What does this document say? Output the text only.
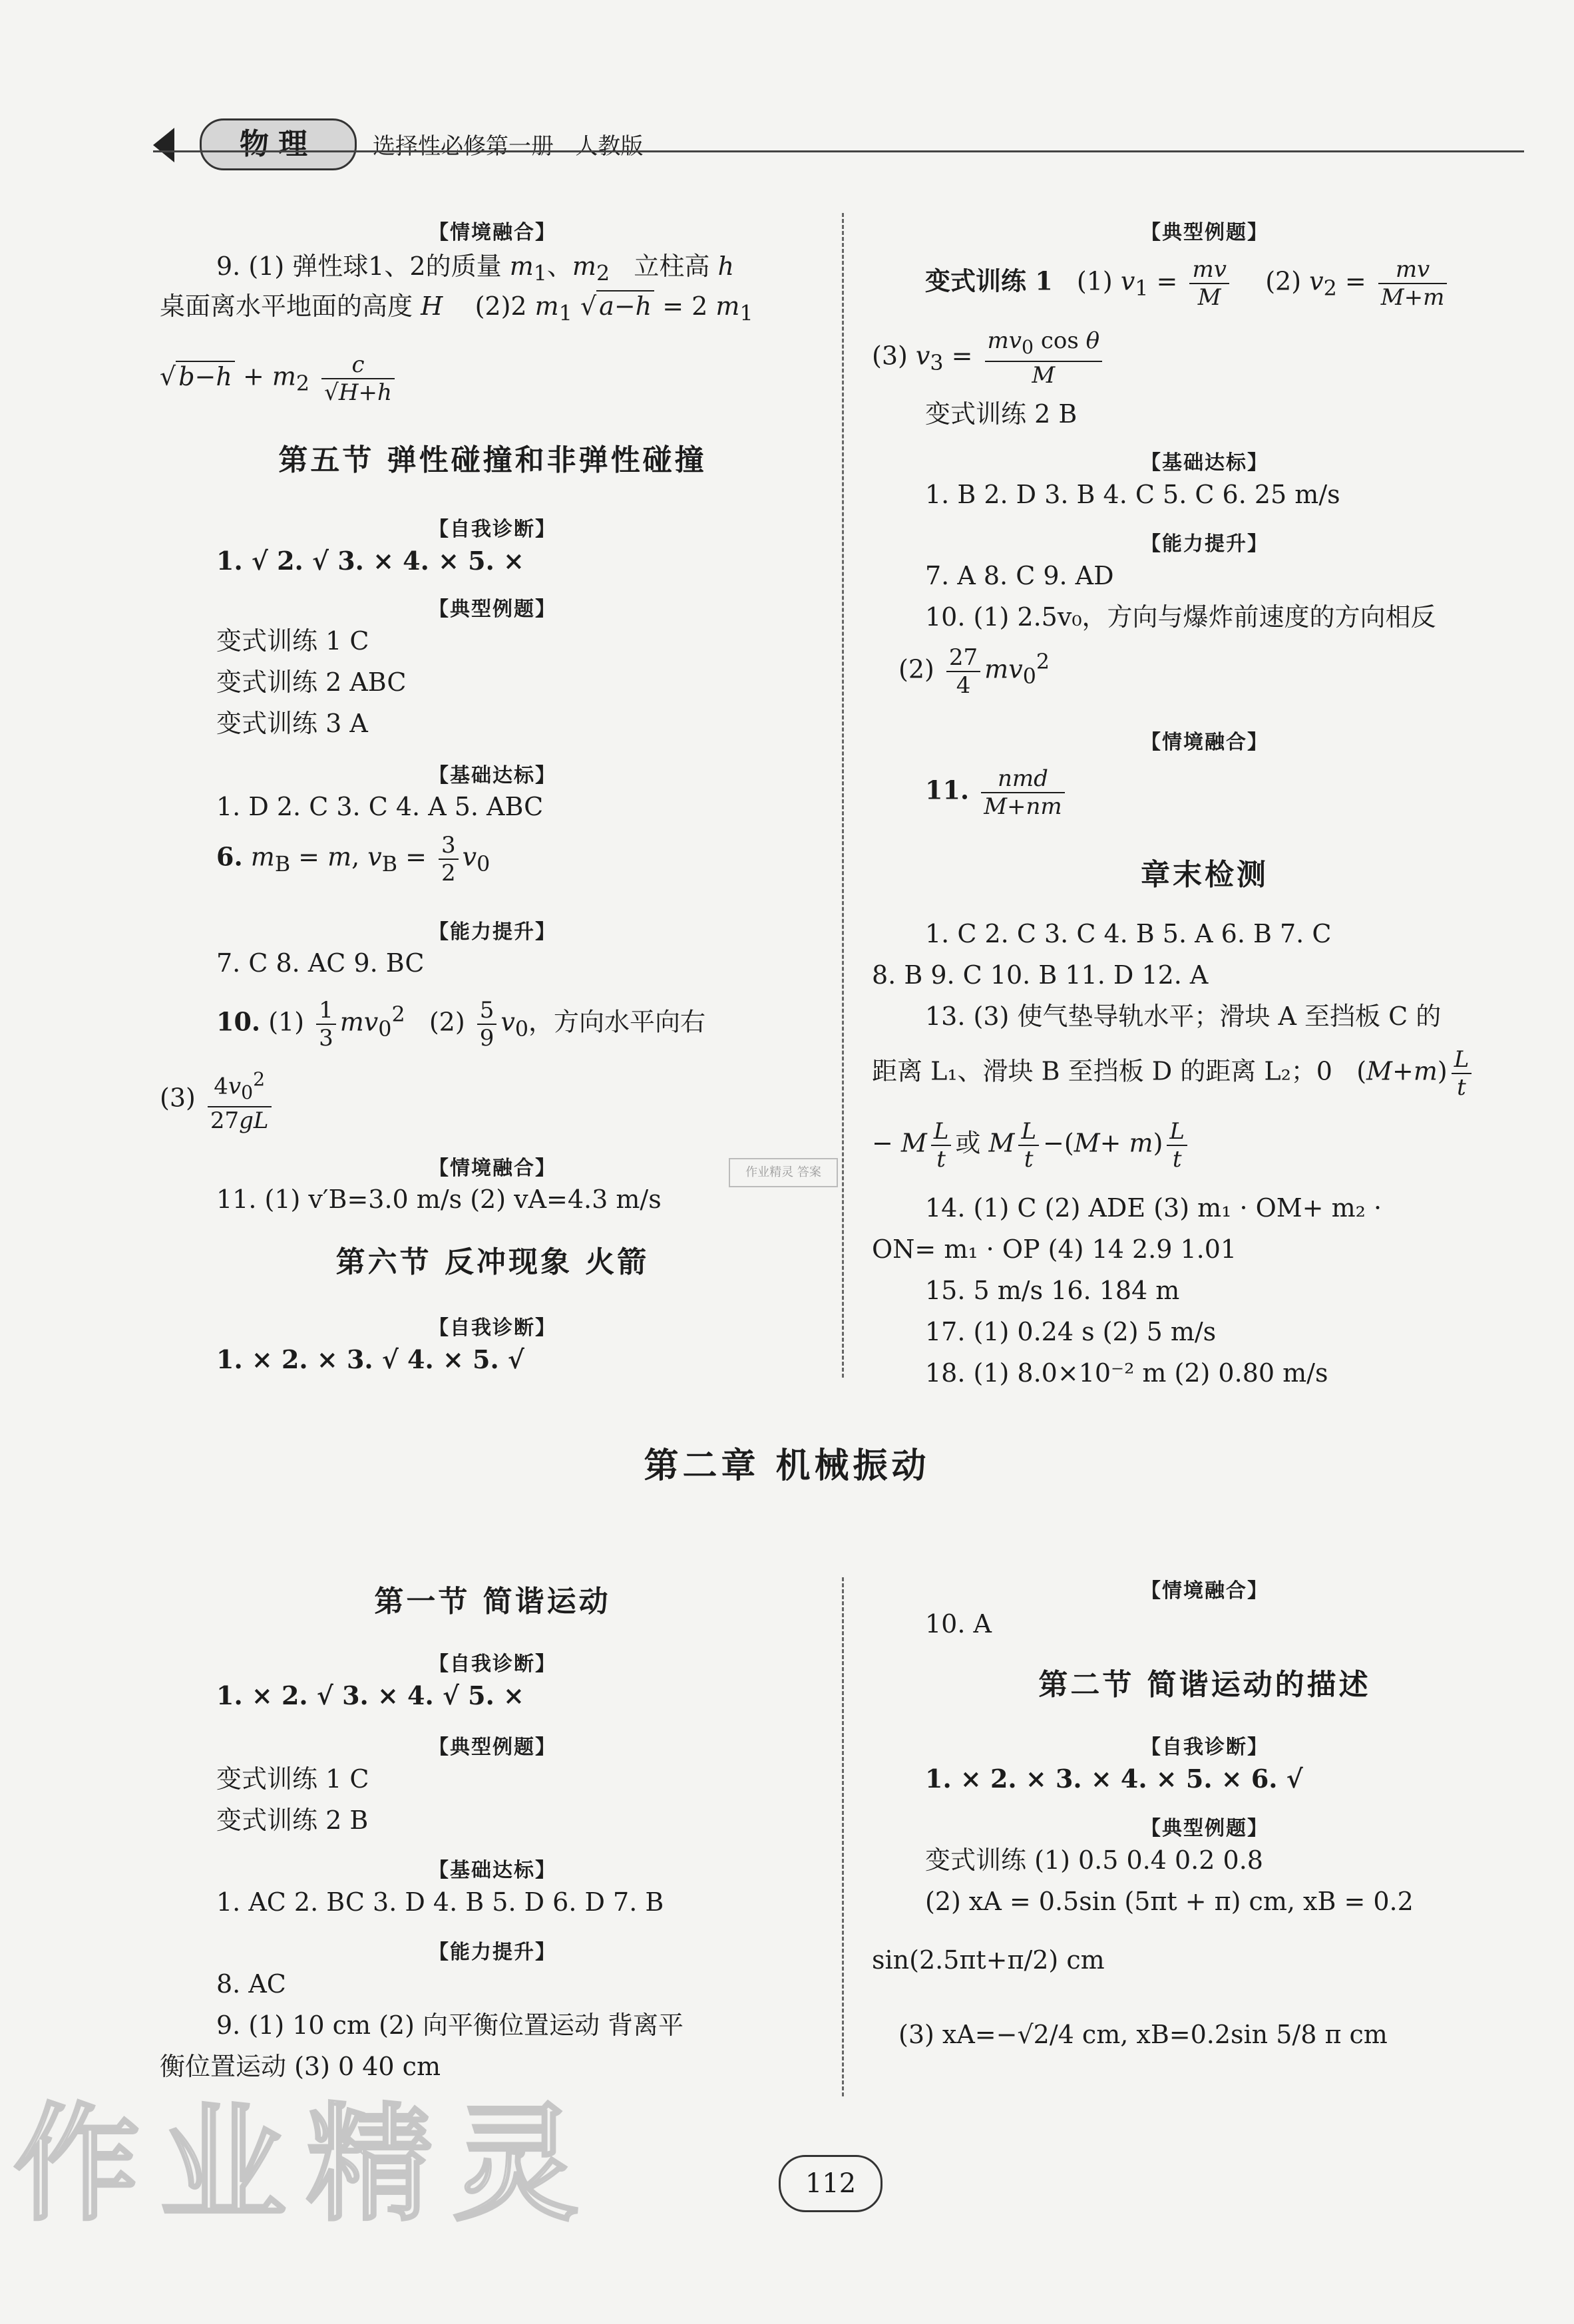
物理	选择性必修第一册   人教版
【情境融合】
9. (1) 弹性球1、2的质量 $m_1$、$m_2$ 立柱高 h
桌面离水平地面的高度 H (2)2 $m_1$ √ a−h = 2 $m_1$
√ $b-h + m_2 \frac{c}{√H+h}$
第五节 弹性碰撞和非弹性碰撞
【自我诊断】
1. √ 2. √ 3. × 4. × 5. ×
【典型例题】
变式训练 1 C
变式训练 2 ABC
变式训练 3 A
【基础达标】
1. D 2. C 3. C 4. A 5. ABC
6. $m_B = m$, $v_B = \frac{3}{2} v_0$
【能力提升】
7. C 8. AC 9. BC
10. $(1) \frac{1}{3} mv_0^2$ $(2) \frac{5}{9} v_0$，方向水平向右
$(3) \frac{4v_0^2}{27gL}$
【情境融合】
11. (1) v′B=3.0 m/s (2) vA=4.3 m/s
第六节 反冲现象 火箭
【自我诊断】
1. × 2. × 3. √ 4. × 5. √
【典型例题】
变式训练 1   (1) $v_1 = \frac{mv}{M} (2) v_2 = \frac{mv}{M+m}$
(3) $v_3 = \frac{mv_0 \cos \theta}{M}$
变式训练 2 B
【基础达标】
1. B 2. D 3. B 4. C 5. C 6. 25 m/s
【能力提升】
7. A 8. C 9. AD
10. (1) 2.5v₀，方向与爆炸前速度的方向相反
$(2) \frac{27}{4} mv_0^2$
【情境融合】
11. $\frac{\text{nmd}}{M+nm}$
章末检测
1. C 2. C 3. C 4. B 5. A 6. B 7. C
8. B 9. C 10. B 11. D 12. A
13. (3) 使气垫导轨水平；滑块 A 至挡板 C 的
距离 L₁、滑块 B 至挡板 D 的距离 L₂；0   $(M+m) \frac{L}{t}$
− M $\frac{L}{t}$ 或 M $\frac{L}{t} -(M+ m) \frac{L}{t}$
14. (1) C (2) ADE (3) m₁ · OM+ m₂ ·
ON= m₁ · OP (4) 14 2.9 1.01
15. 5 m/s 16. 184 m
17. (1) 0.24 s (2) 5 m/s
18. (1) 8.0×10⁻² m (2) 0.80 m/s
第二章 机械振动
第一节 简谐运动
【自我诊断】
1. × 2. √ 3. × 4. √ 5. ×
【典型例题】
变式训练 1 C
变式训练 2 B
【基础达标】
1. AC 2. BC 3. D 4. B 5. D 6. D 7. B
【能力提升】
8. AC
9. (1) 10 cm (2) 向平衡位置运动 背离平
衡位置运动 (3) 0 40 cm
【情境融合】
10. A
第二节 简谐运动的描述
【自我诊断】
1. × 2. × 3. × 4. × 5. × 6. √
【典型例题】
变式训练 (1) 0.5 0.4 0.2 0.8
(2) xA = 0.5sin (5πt + π) cm, xB = 0.2
sin(2.5πt+π/2) cm
(3) xA=−√2/4 cm, xB=0.2sin 5/8 π cm
作业精灵 答案
112
作业精灵
